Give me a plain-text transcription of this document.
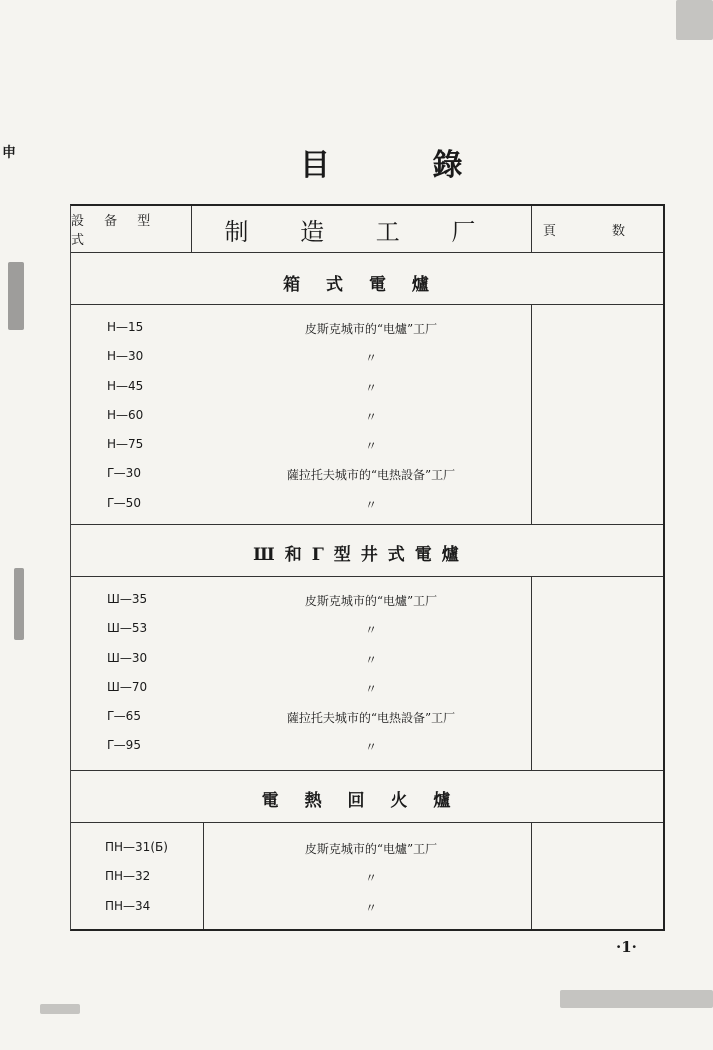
申	目 錄
設 备 型 式	制 造 工 厂	頁 数
箱 式 電 爐
H—15	皮斯克城市的“电爐”工厂
H—30	〃
H—45	〃
H—60	〃
H—75	〃
Γ—30	薩拉托夫城市的“电热設备”工厂
Γ—50	〃
Ш和Γ型井式電爐
Ш—35	皮斯克城市的“电爐”工厂
Ш—53	〃
Ш—30	〃
Ш—70	〃
Γ—65	薩拉托夫城市的“电热設备”工厂
Γ—95	〃
電 熱 回 火 爐
ПН—31(Б)	皮斯克城市的“电爐”工厂
ПН—32	〃
ПН—34	〃
·1·
